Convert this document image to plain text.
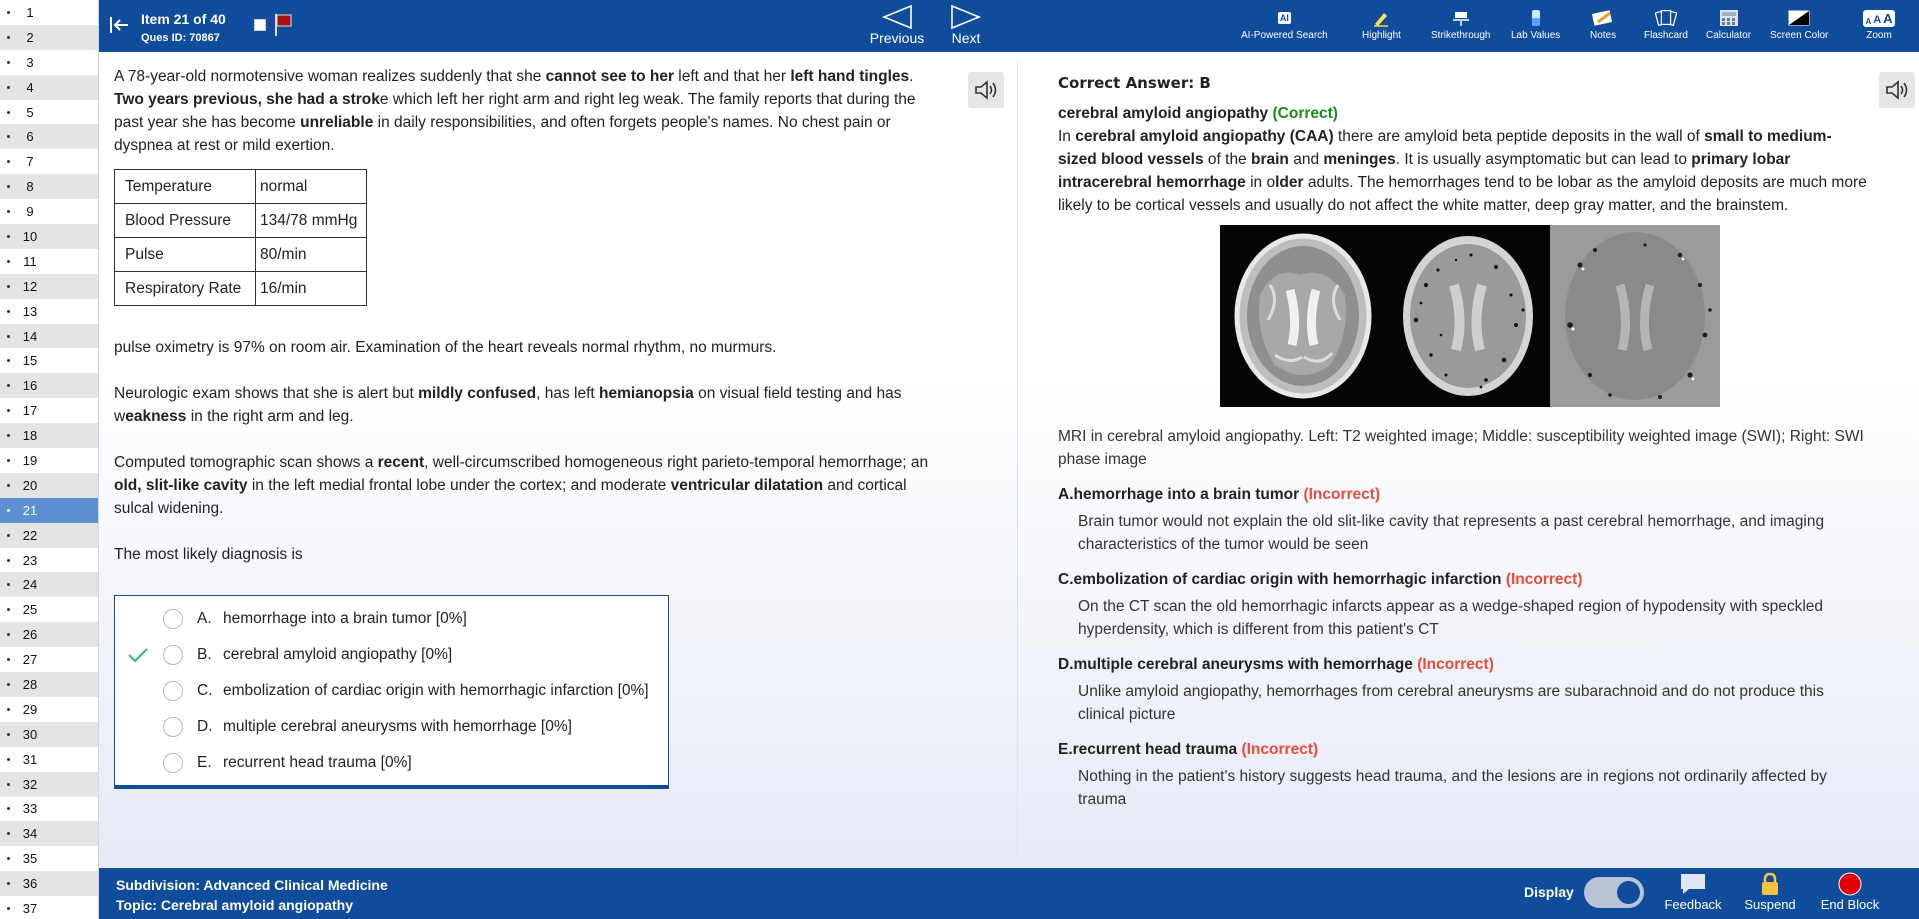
1
2
3
4
5
6
7
8
9
10
11
12
13
14
15
16
17
18
19
20
21
22
23
24
25
26
27
28
29
30
31
32
33
34
35
36
37
Item 21 of 40
Ques ID: 70867	Previous	Next
AI
AI-Powered Search	Highlight	Strikethrough Lab Values	Notes	Flashcard Calculator Screen Color
A A A
Zoom

A 78-year-old normotensive woman realizes suddenly that she cannot see to her left and that her left hand tingles. Two years previous, she had a stroke which left her right arm and right leg weak. The family reports that during the past year she has become unreliable in daily responsibilities, and often forgets people's names. No chest pain or dyspnea at rest or mild exertion.

Temperature	normal
Blood Pressure	134/78 mmHg
Pulse	80/min
Respiratory Rate	16/min

pulse oximetry is 97% on room air. Examination of the heart reveals normal rhythm, no murmurs.

Neurologic exam shows that she is alert but mildly confused, has left hemianopsia on visual field testing and has weakness in the right arm and leg.

Computed tomographic scan shows a recent, well-circumscribed homogeneous right parieto-temporal hemorrhage; an old, slit-like cavity in the left medial frontal lobe under the cortex; and moderate ventricular dilatation and cortical sulcal widening.

The most likely diagnosis is

A. hemorrhage into a brain tumor [0%]
B. cerebral amyloid angiopathy [0%]
C. embolization of cardiac origin with hemorrhagic infarction [0%]
D. multiple cerebral aneurysms with hemorrhage [0%]
E. recurrent head trauma [0%]
Correct Answer: B
cerebral amyloid angiopathy (Correct)

In cerebral amyloid angiopathy (CAA) there are amyloid beta peptide deposits in the wall of small to medium-sized blood vessels of the brain and meninges. It is usually asymptomatic but can lead to primary lobar intracerebral hemorrhage in older adults. The hemorrhages tend to be lobar as the amyloid deposits are much more likely to be cortical vessels and usually do not affect the white matter, deep gray matter, and the brainstem.

MRI in cerebral amyloid angiopathy. Left: T2 weighted image; Middle: susceptibility weighted image (SWI); Right: SWI phase image

A.hemorrhage into a brain tumor (Incorrect)
Brain tumor would not explain the old slit-like cavity that represents a past cerebral hemorrhage, and imaging characteristics of the tumor would be seen
C.embolization of cardiac origin with hemorrhagic infarction (Incorrect)
On the CT scan the old hemorrhagic infarcts appear as a wedge-shaped region of hypodensity with speckled hyperdensity, which is different from this patient's CT
D.multiple cerebral aneurysms with hemorrhage (Incorrect)
Unlike amyloid angiopathy, hemorrhages from cerebral aneurysms are subarachnoid and do not produce this clinical picture
E.recurrent head trauma (Incorrect)
Nothing in the patient's history suggests head trauma, and the lesions are in regions not ordinarily affected by trauma
Subdivision: Advanced Clinical Medicine
Topic: Cerebral amyloid angiopathy
Display
Feedback Suspend End Block
